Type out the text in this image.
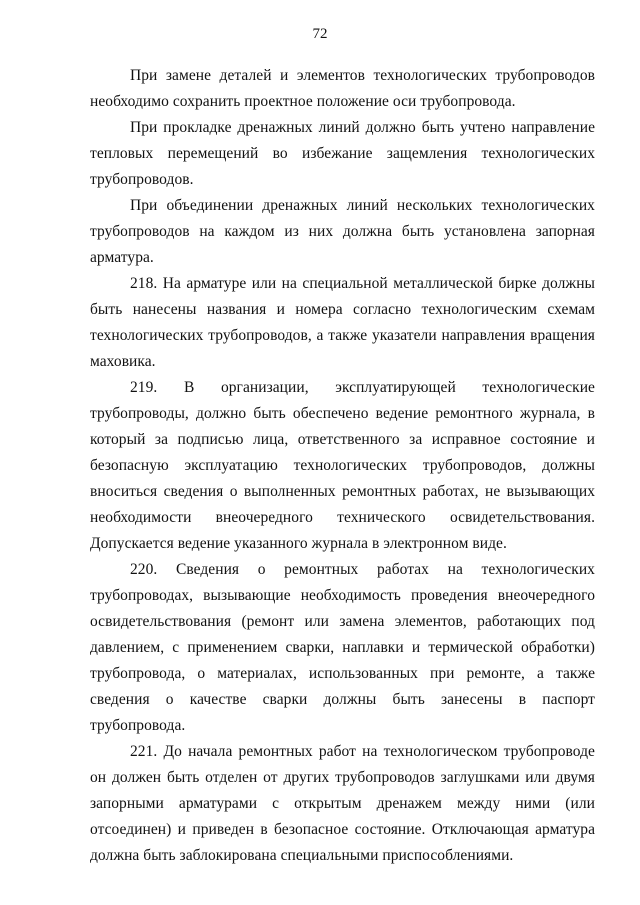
72

При замене деталей и элементов технологических трубопроводов необходимо сохранить проектное положение оси трубопровода.

При прокладке дренажных линий должно быть учтено направление тепловых перемещений во избежание защемления технологических трубопроводов.

При объединении дренажных линий нескольких технологических трубопроводов на каждом из них должна быть установлена запорная арматура.

218. На арматуре или на специальной металлической бирке должны быть нанесены названия и номера согласно технологическим схемам технологических трубопроводов, а также указатели направления вращения маховика.

219. В организации, эксплуатирующей технологические трубопроводы, должно быть обеспечено ведение ремонтного журнала, в который за подписью лица, ответственного за исправное состояние и безопасную эксплуатацию технологических трубопроводов, должны вноситься сведения о выполненных ремонтных работах, не вызывающих необходимости внеочередного технического освидетельствования. Допускается ведение указанного журнала в электронном виде.

220. Сведения о ремонтных работах на технологических трубопроводах, вызывающие необходимость проведения внеочередного освидетельствования (ремонт или замена элементов, работающих под давлением, с применением сварки, наплавки и термической обработки) трубопровода, о материалах, использованных при ремонте, а также сведения о качестве сварки должны быть занесены в паспорт трубопровода.

221. До начала ремонтных работ на технологическом трубопроводе он должен быть отделен от других трубопроводов заглушками или двумя запорными арматурами с открытым дренажем между ними (или отсоединен) и приведен в безопасное состояние. Отключающая арматура должна быть заблокирована специальными приспособлениями.
